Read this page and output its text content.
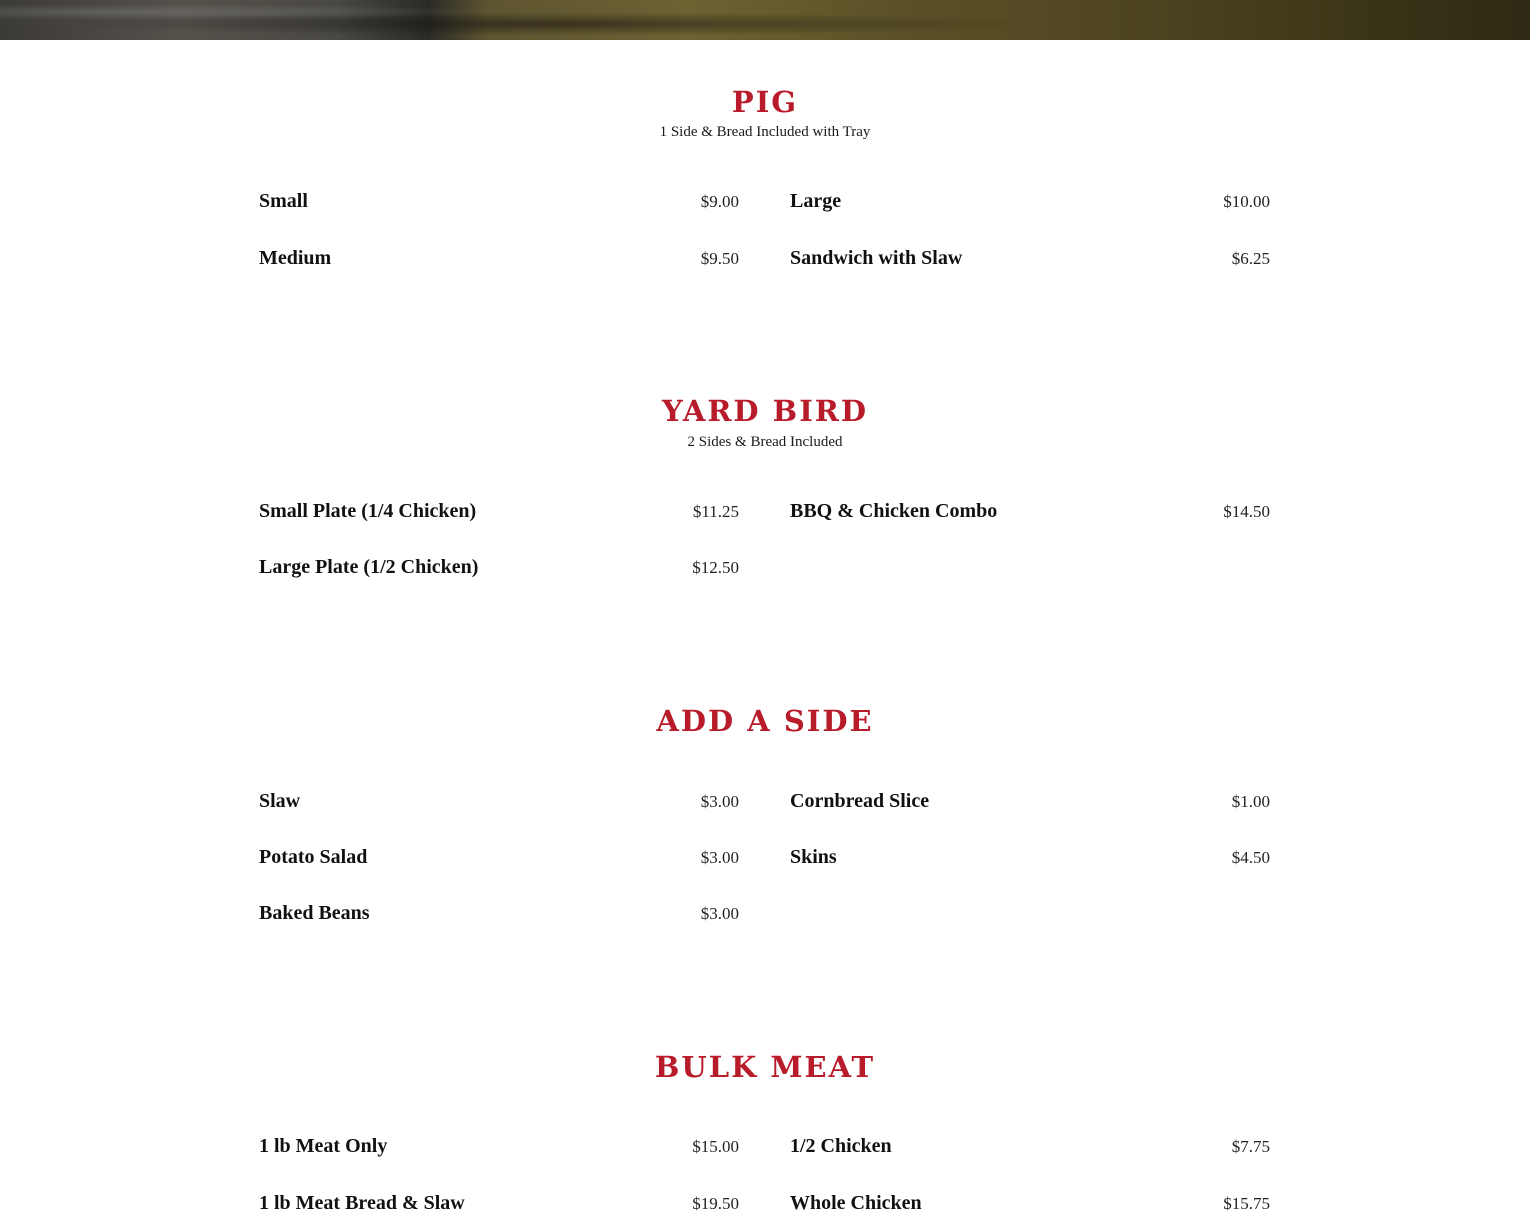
PIG
1 Side & Bread Included with Tray
Small	$9.00
Medium	$9.50
Large	$10.00
Sandwich with Slaw	$6.25
YARD BIRD
2 Sides & Bread Included
Small Plate (1/4 Chicken)	$11.25
Large Plate (1/2 Chicken)	$12.50
BBQ & Chicken Combo	$14.50
ADD A SIDE
Slaw	$3.00
Potato Salad	$3.00
Baked Beans	$3.00
Cornbread Slice	$1.00
Skins	$4.50
BULK MEAT
1 lb Meat Only	$15.00
1 lb Meat Bread & Slaw	$19.50
1/2 Chicken	$7.75
Whole Chicken	$15.75
